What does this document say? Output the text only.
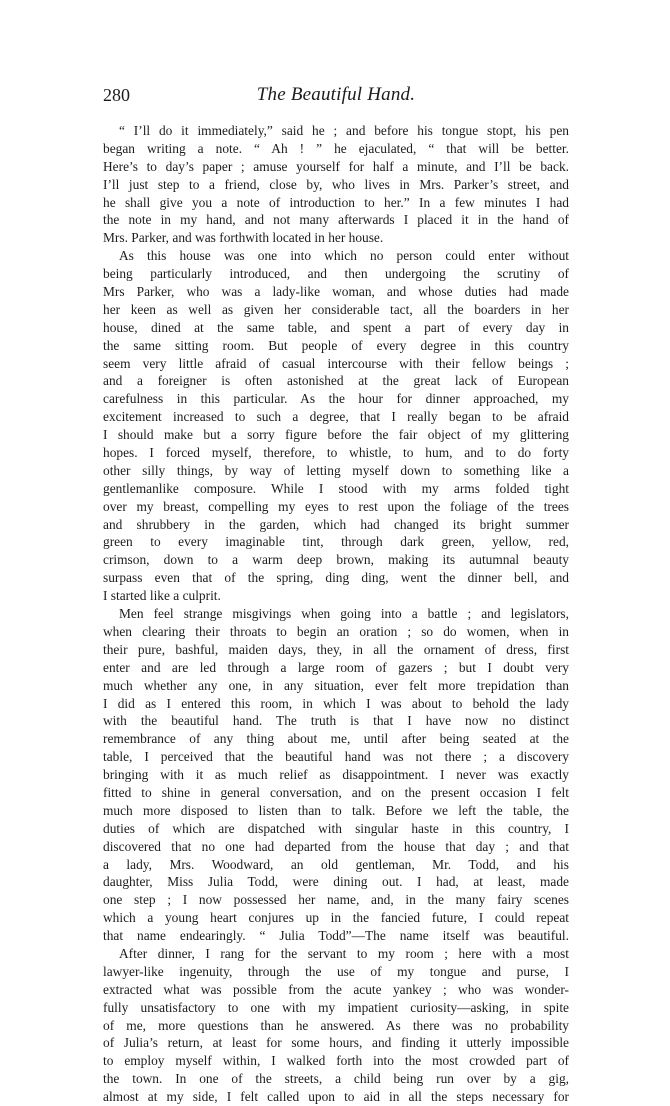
280	The Beautiful Hand.
“ I’ll do it immediately,” said he ; and before his tongue stopt, his pen
began writing a note. “ Ah ! ” he ejaculated, “ that will be better.
Here’s to day’s paper ; amuse yourself for half a minute, and I’ll be back.
I’ll just step to a friend, close by, who lives in Mrs. Parker’s street, and
he shall give you a note of introduction to her.” In a few minutes I had
the note in my hand, and not many afterwards I placed it in the hand of
Mrs. Parker, and was forthwith located in her house.
As this house was one into which no person could enter without
being particularly introduced, and then undergoing the scrutiny of
Mrs Parker, who was a lady-like woman, and whose duties had made
her keen as well as given her considerable tact, all the boarders in her
house, dined at the same table, and spent a part of every day in
the same sitting room. But people of every degree in this country
seem very little afraid of casual intercourse with their fellow beings ;
and a foreigner is often astonished at the great lack of European
carefulness in this particular. As the hour for dinner approached, my
excitement increased to such a degree, that I really began to be afraid
I should make but a sorry figure before the fair object of my glittering
hopes. I forced myself, therefore, to whistle, to hum, and to do forty
other silly things, by way of letting myself down to something like a
gentlemanlike composure. While I stood with my arms folded tight
over my breast, compelling my eyes to rest upon the foliage of the trees
and shrubbery in the garden, which had changed its bright summer
green to every imaginable tint, through dark green, yellow, red,
crimson, down to a warm deep brown, making its autumnal beauty
surpass even that of the spring, ding ding, went the dinner bell, and
I started like a culprit.
Men feel strange misgivings when going into a battle ; and legislators,
when clearing their throats to begin an oration ; so do women, when in
their pure, bashful, maiden days, they, in all the ornament of dress, first
enter and are led through a large room of gazers ; but I doubt very
much whether any one, in any situation, ever felt more trepidation than
I did as I entered this room, in which I was about to behold the lady
with the beautiful hand. The truth is that I have now no distinct
remembrance of any thing about me, until after being seated at the
table, I perceived that the beautiful hand was not there ; a discovery
bringing with it as much relief as disappointment. I never was exactly
fitted to shine in general conversation, and on the present occasion I felt
much more disposed to listen than to talk. Before we left the table, the
duties of which are dispatched with singular haste in this country, I
discovered that no one had departed from the house that day ; and that
a lady, Mrs. Woodward, an old gentleman, Mr. Todd, and his
daughter, Miss Julia Todd, were dining out. I had, at least, made
one step ; I now possessed her name, and, in the many fairy scenes
which a young heart conjures up in the fancied future, I could repeat
that name endearingly. “ Julia Todd”—The name itself was beautiful.
After dinner, I rang for the servant to my room ; here with a most
lawyer-like ingenuity, through the use of my tongue and purse, I
extracted what was possible from the acute yankey ; who was wonder-
fully unsatisfactory to one with my impatient curiosity—asking, in spite
of me, more questions than he answered. As there was no probability
of Julia’s return, at least for some hours, and finding it utterly impossible
to employ myself within, I walked forth into the most crowded part of
the town. In one of the streets, a child being run over by a gig,
almost at my side, I felt called upon to aid in all the steps necessary for
